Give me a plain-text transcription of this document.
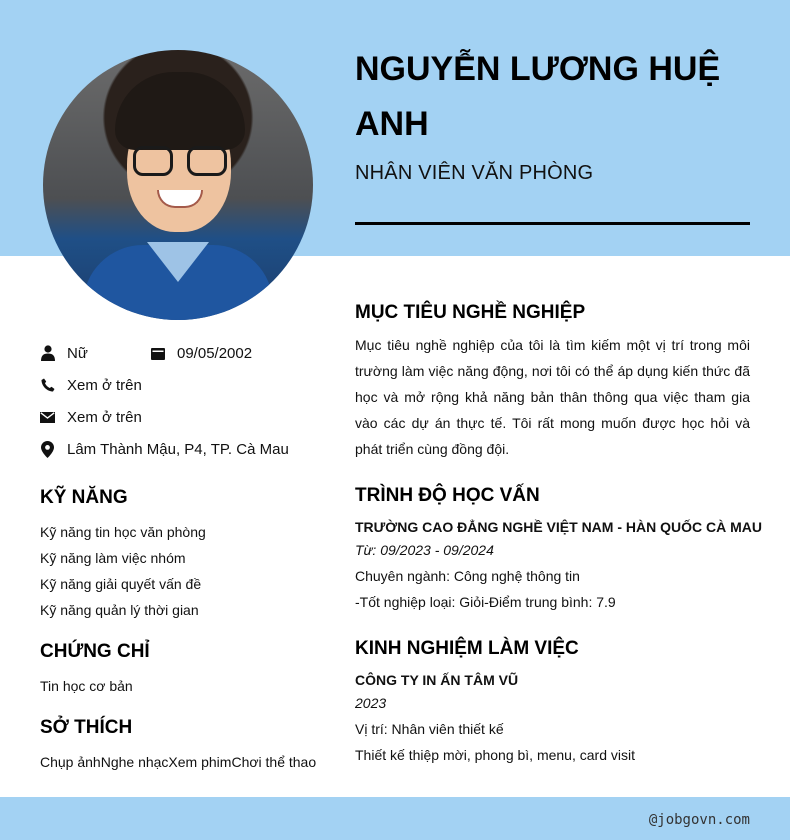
NGUYỄN LƯƠNG HUỆ ANH
NHÂN VIÊN VĂN PHÒNG
Nữ	09/05/2002
Xem ở trên
Xem ở trên
Lâm Thành Mậu, P4, TP. Cà Mau
KỸ NĂNG
Kỹ năng tin học văn phòng
Kỹ năng làm việc nhóm
Kỹ năng giải quyết vấn đề
Kỹ năng quản lý thời gian
CHỨNG CHỈ
Tin học cơ bản
SỞ THÍCH
Chụp ảnhNghe nhạcXem phimChơi thể thao
MỤC TIÊU NGHỀ NGHIỆP
Mục tiêu nghề nghiệp của tôi là tìm kiếm một vị trí trong môi trường làm việc năng động, nơi tôi có thể áp dụng kiến thức đã học và mở rộng khả năng bản thân thông qua việc tham gia vào các dự án thực tế. Tôi rất mong muốn được học hỏi và phát triển cùng đồng đội.
TRÌNH ĐỘ HỌC VẤN
TRƯỜNG CAO ĐẲNG NGHỀ VIỆT NAM - HÀN QUỐC CÀ MAU
Từ: 09/2023 - 09/2024
Chuyên ngành: Công nghệ thông tin
-Tốt nghiệp loại: Giỏi-Điểm trung bình: 7.9
KINH NGHIỆM LÀM VIỆC
CÔNG TY IN ẤN TÂM VŨ
2023
Vị trí: Nhân viên thiết kế
Thiết kế thiệp mời, phong bì, menu, card visit
@jobgovn.com
